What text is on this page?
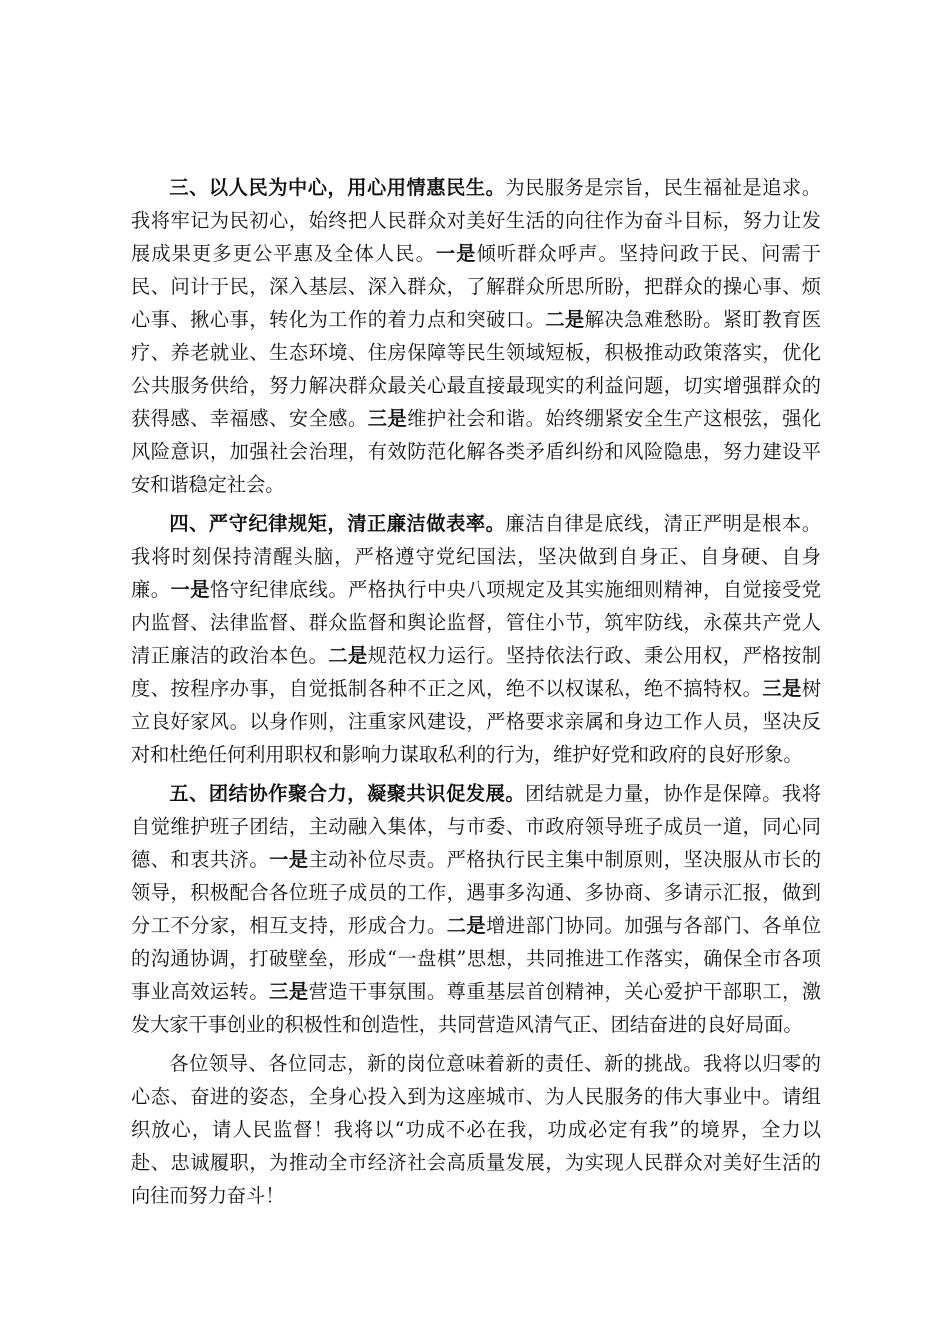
三、以人民为中心，用心用情惠民生。为民服务是宗旨，民生福祉是追求。我将牢记为民初心，始终把人民群众对美好生活的向往作为奋斗目标，努力让发展成果更多更公平惠及全体人民。一是倾听群众呼声。坚持问政于民、问需于民、问计于民，深入基层、深入群众，了解群众所思所盼，把群众的操心事、烦心事、揪心事，转化为工作的着力点和突破口。二是解决急难愁盼。紧盯教育医疗、养老就业、生态环境、住房保障等民生领域短板，积极推动政策落实，优化公共服务供给，努力解决群众最关心最直接最现实的利益问题，切实增强群众的获得感、幸福感、安全感。三是维护社会和谐。始终绷紧安全生产这根弦，强化风险意识，加强社会治理，有效防范化解各类矛盾纠纷和风险隐患，努力建设平安和谐稳定社会。

四、严守纪律规矩，清正廉洁做表率。廉洁自律是底线，清正严明是根本。我将时刻保持清醒头脑，严格遵守党纪国法，坚决做到自身正、自身硬、自身廉。一是恪守纪律底线。严格执行中央八项规定及其实施细则精神，自觉接受党内监督、法律监督、群众监督和舆论监督，管住小节，筑牢防线，永葆共产党人清正廉洁的政治本色。二是规范权力运行。坚持依法行政、秉公用权，严格按制度、按程序办事，自觉抵制各种不正之风，绝不以权谋私，绝不搞特权。三是树立良好家风。以身作则，注重家风建设，严格要求亲属和身边工作人员，坚决反对和杜绝任何利用职权和影响力谋取私利的行为，维护好党和政府的良好形象。

五、团结协作聚合力，凝聚共识促发展。团结就是力量，协作是保障。我将自觉维护班子团结，主动融入集体，与市委、市政府领导班子成员一道，同心同德、和衷共济。一是主动补位尽责。严格执行民主集中制原则，坚决服从市长的领导，积极配合各位班子成员的工作，遇事多沟通、多协商、多请示汇报，做到分工不分家，相互支持，形成合力。二是增进部门协同。加强与各部门、各单位的沟通协调，打破壁垒，形成“一盘棋”思想，共同推进工作落实，确保全市各项事业高效运转。三是营造干事氛围。尊重基层首创精神，关心爱护干部职工，激发大家干事创业的积极性和创造性，共同营造风清气正、团结奋进的良好局面。

各位领导、各位同志，新的岗位意味着新的责任、新的挑战。我将以归零的心态、奋进的姿态，全身心投入到为这座城市、为人民服务的伟大事业中。请组织放心，请人民监督！我将以“功成不必在我，功成必定有我”的境界，全力以赴、忠诚履职，为推动全市经济社会高质量发展，为实现人民群众对美好生活的向往而努力奋斗！
